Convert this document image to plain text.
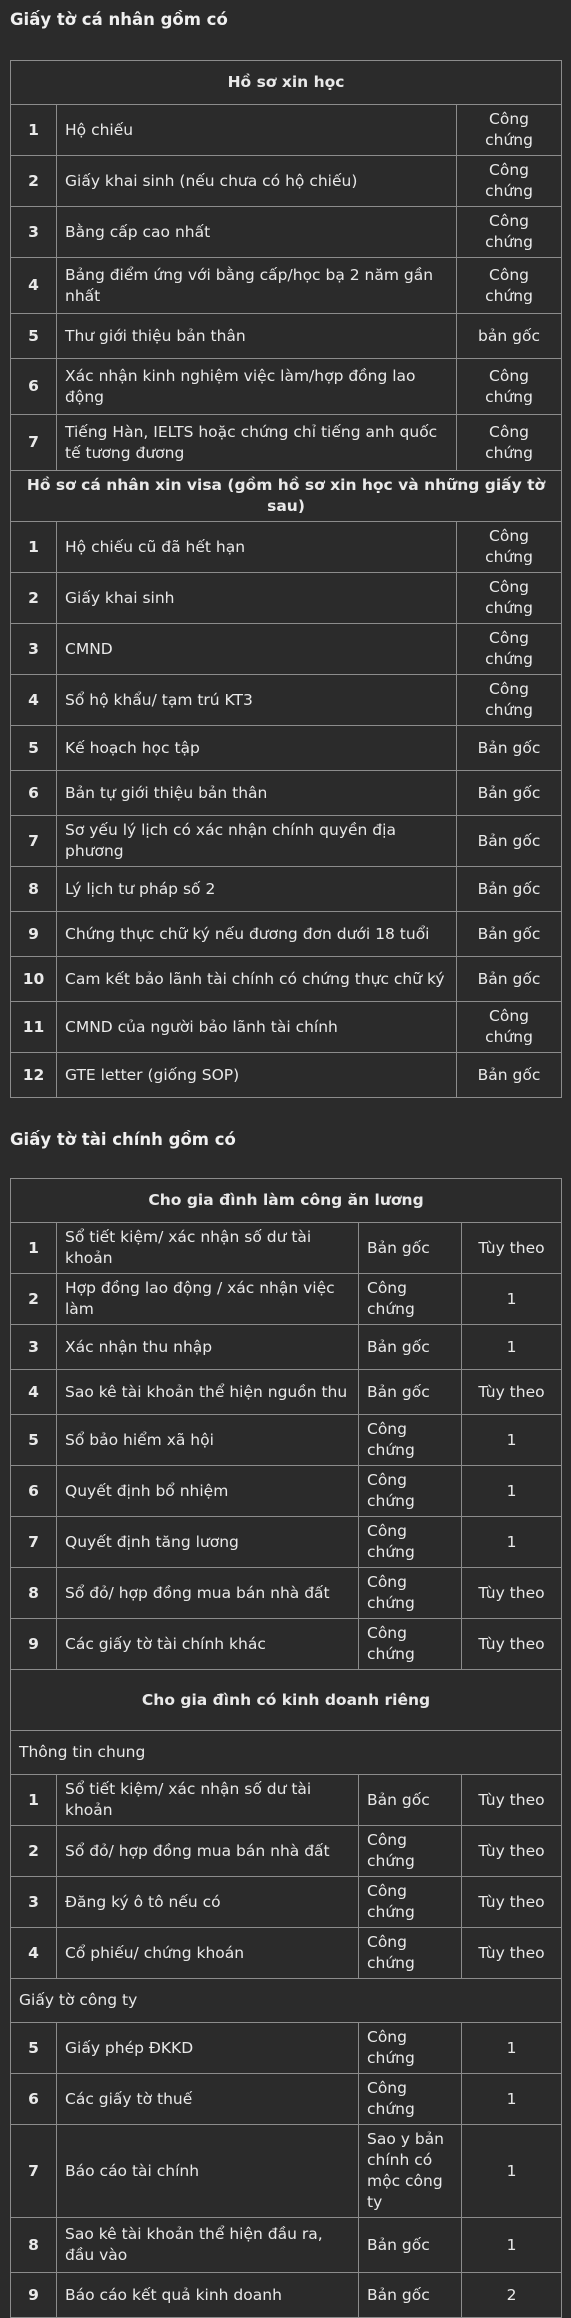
Giấy tờ cá nhân gồm có
Hồ sơ xin học		
1	Hộ chiếu	Công chứng
2	Giấy khai sinh (nếu chưa có hộ chiếu)	Công chứng
3	Bằng cấp cao nhất	Công chứng
4	Bảng điểm ứng với bằng cấp/học bạ 2 năm gần nhất	Công chứng
5	Thư giới thiệu bản thân	bản gốc
6	Xác nhận kinh nghiệm việc làm/hợp đồng lao động	Công chứng
7	Tiếng Hàn, IELTS hoặc chứng chỉ tiếng anh quốc tế tương đương	Công chứng
Hồ sơ cá nhân xin visa (gồm hồ sơ xin học và những giấy tờ sau)		
1	Hộ chiếu cũ đã hết hạn	Công chứng
2	Giấy khai sinh	Công chứng
3	CMND	Công chứng
4	Sổ hộ khẩu/ tạm trú KT3	Công chứng
5	Kế hoạch học tập	Bản gốc
6	Bản tự giới thiệu bản thân	Bản gốc
7	Sơ yếu lý lịch có xác nhận chính quyền địa phương	Bản gốc
8	Lý lịch tư pháp số 2	Bản gốc
9	Chứng thực chữ ký nếu đương đơn dưới 18 tuổi	Bản gốc
10	Cam kết bảo lãnh tài chính có chứng thực chữ ký	Bản gốc
11	CMND của người bảo lãnh tài chính	Công chứng
12	GTE letter (giống SOP)	Bản gốc
Giấy tờ tài chính gồm có
Cho gia đình làm công ăn lương			
1	Sổ tiết kiệm/ xác nhận số dư tài khoản	Bản gốc	Tùy theo
2	Hợp đồng lao động / xác nhận việc làm	Công chứng	1
3	Xác nhận thu nhập	Bản gốc	1
4	Sao kê tài khoản thể hiện nguồn thu	Bản gốc	Tùy theo
5	Sổ bảo hiểm xã hội	Công chứng	1
6	Quyết định bổ nhiệm	Công chứng	1
7	Quyết định tăng lương	Công chứng	1
8	Sổ đỏ/ hợp đồng mua bán nhà đất	Công chứng	Tùy theo
9	Các giấy tờ tài chính khác	Công chứng	Tùy theo
Cho gia đình có kinh doanh riêng			
Thông tin chung			
1	Sổ tiết kiệm/ xác nhận số dư tài khoản	Bản gốc	Tùy theo
2	Sổ đỏ/ hợp đồng mua bán nhà đất	Công chứng	Tùy theo
3	Đăng ký ô tô nếu có	Công chứng	Tùy theo
4	Cổ phiếu/ chứng khoán	Công chứng	Tùy theo
Giấy tờ công ty			
5	Giấy phép ĐKKD	Công chứng	1
6	Các giấy tờ thuế	Công chứng	1
7	Báo cáo tài chính	Sao y bản chính có mộc công ty	1
8	Sao kê tài khoản thể hiện đầu ra, đầu vào	Bản gốc	1
9	Báo cáo kết quả kinh doanh	Bản gốc	2
